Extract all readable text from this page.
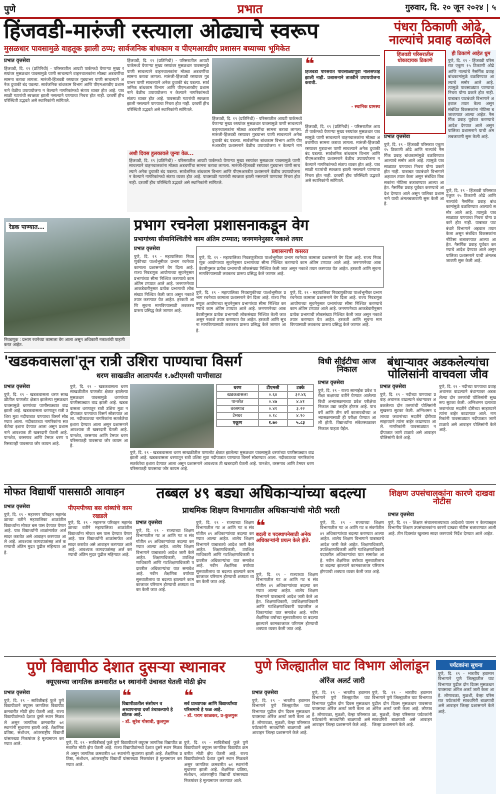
पुणे	प्रभात	गुरुवार, दि. २० जून २०२४ | ५
हिंजवडी-मारुंजी रस्त्याला ओढ्याचे स्वरूप
मुसळधार पावसामुळे वाहतूक झाली ठप्प; सार्वजनिक बांधकाम व पीएमआरडीए प्रशासन बघ्याच्या भूमिकेत
प्रभात वृत्तसेवा
हिंजवडी, दि. १९ (प्रतिनिधी) - परिसरातील आयटी पार्कमध्ये येणाऱ्या मुख्य रस्त्यांवर मुसळधार पावसामुळे पाणी साचल्याने वाहनचालकांना मोठ्या अडचणींचा सामना करावा लागला. मारुंजी-हिंजवडी रस्त्यावर गुडघाभर पाणी साचल्याने अनेक दुचाकी बंद पडल्या. सार्वजनिक बांधकाम विभाग आणि पीएमआरडीए प्रशासनाने वेळीच उपाययोजना न केल्याने नागरिकांमध्ये संताप व्यक्त होत आहे. पावसाळी गटारांची स्वच्छता झाली नसल्याने पाण्याचा निचरा होत नाही. दरवर्षी हीच परिस्थिती उद्भवते असे स्थानिकांनी सांगितले.
हिंजवडी, दि. १९ (प्रतिनिधी) - परिसरातील आयटी पार्कमध्ये येणाऱ्या मुख्य रस्त्यांवर मुसळधार पावसामुळे पाणी साचल्याने वाहनचालकांना मोठ्या अडचणींचा सामना करावा लागला. मारुंजी-हिंजवडी रस्त्यावर गुडघाभर पाणी साचल्याने अनेक दुचाकी बंद पडल्या. सार्वजनिक बांधकाम विभाग आणि पीएमआरडीए प्रशासनाने वेळीच उपाययोजना न केल्याने नागरिकांमध्ये संताप व्यक्त होत आहे. पावसाळी गटारांची स्वच्छता झाली नसल्याने पाण्याचा निचरा होत नाही. दरवर्षी हीच परिस्थिती उद्भवते असे स्थानिकांनी सांगितले.
❝
हिंजवडी परिसरात पावसाळ्यापूर्वी नालेसफाई झाली नाही. प्रशासनाने तातडीने उपाययोजना करावी.
- स्थानिक ग्रामस्थ
हिंजवडी, दि. १९ (प्रतिनिधी) - परिसरातील आयटी पार्कमध्ये येणाऱ्या मुख्य रस्त्यांवर मुसळधार पावसामुळे पाणी साचल्याने वाहनचालकांना मोठ्या अडचणींचा सामना करावा लागला. मारुंजी-हिंजवडी रस्त्यावर गुडघाभर पाणी साचल्याने अनेक दुचाकी बंद पडल्या. सार्वजनिक बांधकाम विभाग आणि पीएमआरडीए प्रशासनाने वेळीच उपाययोजना न केल्याने नाग
हिंजवडी, दि. १९ (प्रतिनिधी) - परिसरातील आयटी पार्कमध्ये येणाऱ्या मुख्य रस्त्यांवर मुसळधार पावसामुळे पाणी साचल्याने वाहनचालकांना मोठ्या अडचणींचा सामना करावा लागला. मारुंजी-हिंजवडी रस्त्यावर गुडघाभर पाणी साचल्याने अनेक दुचाकी बंद पडल्या. सार्वजनिक बांधकाम विभाग आणि पीएमआरडीए प्रशासनाने वेळीच उपाययोजना न केल्याने नागरिकांमध्ये संताप व्यक्त होत आहे. पावसाळी गटारांची स्वच्छता झाली नसल्याने पाण्याचा निचरा होत नाही. दरवर्षी हीच परिस्थिती उद्भवते असे स्थानिकांनी सांगितले.
अशी दिवस हुलकावले जुन्या वेळ...
हिंजवडी, दि. १९ (प्रतिनिधी) - परिसरातील आयटी पार्कमध्ये येणाऱ्या मुख्य रस्त्यांवर मुसळधार पावसामुळे पाणी साचल्याने वाहनचालकांना मोठ्या अडचणींचा सामना करावा लागला. मारुंजी-हिंजवडी रस्त्यावर गुडघाभर पाणी साचल्याने अनेक दुचाकी बंद पडल्या. सार्वजनिक बांधकाम विभाग आणि पीएमआरडीए प्रशासनाने वेळीच उपाययोजना न केल्याने नागरिकांमध्ये संताप व्यक्त होत आहे. पावसाळी गटारांची स्वच्छता झाली नसल्याने पाण्याचा निचरा होत नाही. दरवर्षी हीच परिस्थिती उद्भवते असे स्थानिकांनी सांगितले.
रेडक पाण्यात...
निवडणूक : प्रभाग रचनेच्या कामाला वेग आला असून अधिकारी नकाशांची पाहणी करत आहेत.
पंधरा ठिकाणी ओढे, नाल्यांचे प्रवाह वळविले
हिंजवडी परिसरातील धोकादायक ठिकाणे
ही ठिकाणे आहेत धुम
पुणे, दि. १९ - हिंजवडी परिसरात एकूण १५ ठिकाणी ओढे आणि नाल्यांचे नैसर्गिक प्रवाह बांधकामांमुळे वळविण्यात आल्याचे समोर आले आहे. त्यामुळे पावसाळ्यात पाण्याचा निचरा योग्य प्रकारे होत नाही. याबाबत पाटबंधारे विभागाने अहवाल तयार केला असून संबंधित विकसकांना नोटिसा बजावण्यात आल्या आहेत. नैसर्गिक प्रवाह पूर्ववत करण्याचे आदेश देण्यात आले असून पालिका प्रशासनाने याची अंमलबजावणी सुरू केली आहे.
प्रभात वृत्तसेवा
पुणे, दि. १९ - हिंजवडी परिसरात एकूण १५ ठिकाणी ओढे आणि नाल्यांचे नैसर्गिक प्रवाह बांधकामांमुळे वळविण्यात आल्याचे समोर आले आहे. त्यामुळे पावसाळ्यात पाण्याचा निचरा योग्य प्रकारे होत नाही. याबाबत पाटबंधारे विभागाने अहवाल तयार केला असून संबंधित विकसकांना नोटिसा बजावण्यात आल्या आहेत. नैसर्गिक प्रवाह पूर्ववत करण्याचे आदेश देण्यात आले असून पालिका प्रशासनाने याची अंमलबजावणी सुरू केली आहे.
पुणे, दि. १९ - हिंजवडी परिसरात एकूण १५ ठिकाणी ओढे आणि नाल्यांचे नैसर्गिक प्रवाह बांधकामांमुळे वळविण्यात आल्याचे समोर आले आहे. त्यामुळे पावसाळ्यात पाण्याचा निचरा योग्य प्रकारे होत नाही. याबाबत पाटबंधारे विभागाने अहवाल तयार केला असून संबंधित विकसकांना नोटिसा बजावण्यात आल्या आहेत. नैसर्गिक प्रवाह पूर्ववत करण्याचे आदेश देण्यात आले असून पालिका प्रशासनाने याची अंमलबजावणी सुरू केली आहे.
प्रभाग रचनेला प्रशासनाकडून वेग
प्रभागांच्या सीमानिश्चितीचे काम अंतिम टप्प्यात; जनगणनेनुसार नकाशे तयार
प्रभात वृत्तसेवा
पुणे, दि. १९ - महापालिका निवडणुकीच्या पार्श्वभूमीवर प्रभाग रचनेच्या कामाला प्रशासनाने वेग दिला आहे. राज्य निवडणूक आयोगाच्या सूचनेनुसार प्रभागांच्या सीमा निश्चित करण्याचे काम अंतिम टप्प्यात आले आहे. जनगणनेच्या आकडेवारीनुसार प्रत्येक प्रभागाची लोकसंख्या निश्चित केली जात असून नकाशे तयार करण्यात येत आहेत. हरकती आणि सूचना मागविण्यासाठी लवकरच प्रारूप प्रसिद्ध केले जाणार आहे.
प्रशासनाची कसरत
पुणे, दि. १९ - महापालिका निवडणुकीच्या पार्श्वभूमीवर प्रभाग रचनेच्या कामाला प्रशासनाने वेग दिला आहे. राज्य निवडणूक आयोगाच्या सूचनेनुसार प्रभागांच्या सीमा निश्चित करण्याचे काम अंतिम टप्प्यात आले आहे. जनगणनेच्या आकडेवारीनुसार प्रत्येक प्रभागाची लोकसंख्या निश्चित केली जात असून नकाशे तयार करण्यात येत आहेत. हरकती आणि सूचना मागविण्यासाठी लवकरच प्रारूप प्रसिद्ध केले जाणार आहे.
पुणे, दि. १९ - महापालिका निवडणुकीच्या पार्श्वभूमीवर प्रभाग रचनेच्या कामाला प्रशासनाने वेग दिला आहे. राज्य निवडणूक आयोगाच्या सूचनेनुसार प्रभागांच्या सीमा निश्चित करण्याचे काम अंतिम टप्प्यात आले आहे. जनगणनेच्या आकडेवारीनुसार प्रत्येक प्रभागाची लोकसंख्या निश्चित केली जात असून नकाशे तयार करण्यात येत आहेत. हरकती आणि सूचना मागविण्यासाठी लवकरच प्रारूप प्रसिद्ध केले जाणार आहे.
पुणे, दि. १९ - महापालिका निवडणुकीच्या पार्श्वभूमीवर प्रभाग रचनेच्या कामाला प्रशासनाने वेग दिला आहे. राज्य निवडणूक आयोगाच्या सूचनेनुसार प्रभागांच्या सीमा निश्चित करण्याचे काम अंतिम टप्प्यात आले आहे. जनगणनेच्या आकडेवारीनुसार प्रत्येक प्रभागाची लोकसंख्या निश्चित केली जात असून नकाशे तयार करण्यात येत आहेत. हरकती आणि सूचना मागविण्यासाठी लवकरच प्रारूप प्रसिद्ध केले जाणार आहे.
'खडकवासला'तून रात्री उशिरा पाण्याचा विसर्ग
धरण साखळीत आतापर्यंत १.७टीएमसी पाणीसाठा
प्रभात वृत्तसेवा
पुणे, दि. १९ - खडकवासला धरण साखळीतील पाणलोट क्षेत्रात झालेल्या मुसळधार पावसामुळे धरणांच्या पाणीसाठ्यात वाढ झाली आहे. खडकवासला धरणातून रात्री उशिरा मुठा नदीपात्रात पाण्याचा विसर्ग सोडण्यात आला. नदीकाठच्या नागरिकांना सतर्कतेचा इशारा देण्यात आला असून प्रशासनाने आवश्यक ती खबरदारी घेतली आहे. पानशेत, वरसगाव आणि टेमघर धरण परिसरातही पावसाचा जोर कायम आहे.
पुणे, दि. १९ - खडकवासला धरण साखळीतील पाणलोट क्षेत्रात झालेल्या मुसळधार पावसामुळे धरणांच्या पाणीसाठ्यात वाढ झाली आहे. खडकवासला धरणातून रात्री उशिरा मुठा नदीपात्रात पाण्याचा विसर्ग सोडण्यात आला. नदीकाठच्या नागरिकांना सतर्कतेचा इशारा देण्यात आला असून प्रशासनाने आवश्यक ती खबरदारी घेतली आहे. पानशेत, वरसगाव आणि टेमघर धरण परिसरातही पावसाचा जोर कायम आहे.
धरण	टीएमसी	टक्के
खडकवासला	०.६४	३२.४६
पानशेत	०.४७	४.४१
वरसगाव	०.४१	३.२२
टेमघर	०.१८	४.९०
एकूण	१.७०	५.८३
पुणे, दि. १९ - खडकवासला धरण साखळीतील पाणलोट क्षेत्रात झालेल्या मुसळधार पावसामुळे धरणांच्या पाणीसाठ्यात वाढ झाली आहे. खडकवासला धरणातून रात्री उशिरा मुठा नदीपात्रात पाण्याचा विसर्ग सोडण्यात आला. नदीकाठच्या नागरिकांना सतर्कतेचा इशारा देण्यात आला असून प्रशासनाने आवश्यक ती खबरदारी घेतली आहे. पानशेत, वरसगाव आणि टेमघर धरण परिसरातही पावसाचा जोर कायम आहे.
विधी सीईटीचा आज निकाल
प्रभात वृत्तसेवा
पुणे, दि. १९ - राज्य सामाईक प्रवेश परीक्षा कक्षाच्या वतीने घेण्यात आलेल्या विधी अभ्यासक्रमाच्या प्रवेश परीक्षेचा निकाल उद्या जाहीर होणार आहे. पाच वर्षे आणि तीन वर्षे कालावधीच्या अभ्यासक्रमासाठी ही परीक्षा घेण्यात आली होती. विद्यार्थ्यांना संकेतस्थळावर निकाल पाहता येईल.
बंधाऱ्यावर अडकलेल्यांचा पोलिसांनी वाचवला जीव
प्रभात वृत्तसेवा
पुणे, दि. १९ - नदीच्या पाण्याचा प्रवाह अचानक वाढल्याने बंधाऱ्यावर अडकलेल्या दोन तरुणांची पोलिसांनी सुखरूप सुटका केली. अग्निशमन दलाच्या जवानांच्या मदतीने दोरीच्या साहाय्याने त्यांना बाहेर काढण्यात आले. नागरिकांनी पावसाळ्यात नदीपात्रात जाणे टाळावे असे आवाहन पोलिसांनी केले आहे.
पुणे, दि. १९ - नदीच्या पाण्याचा प्रवाह अचानक वाढल्याने बंधाऱ्यावर अडकलेल्या दोन तरुणांची पोलिसांनी सुखरूप सुटका केली. अग्निशमन दलाच्या जवानांच्या मदतीने दोरीच्या साहाय्याने त्यांना बाहेर काढण्यात आले. नागरिकांनी पावसाळ्यात नदीपात्रात जाणे टाळावे असे आवाहन पोलिसांनी केले आहे.
मोफत विद्यार्थी पाससाठी आवाहन
प्रभात वृत्तसेवा
पुणे, दि. १९ - महानगर परिवहन महामंडळाच्या वतीने महापालिका शाळांतील विद्यार्थ्यांना मोफत बस पास देण्यात येणार आहे. पात्र विद्यार्थ्यांनी शाळांमार्फत अर्ज सादर करावेत असे आवाहन करण्यात आले आहे. आवश्यक कागदपत्रांसह अर्ज करण्याची अंतिम मुदत पुढील महिन्यात आहे.
पीएमपीच्या बस थांब्यांचे काम रखडले
पुणे, दि. १९ - महानगर परिवहन महामंडळाच्या वतीने महापालिका शाळांतील विद्यार्थ्यांना मोफत बस पास देण्यात येणार आहे. पात्र विद्यार्थ्यांनी शाळांमार्फत अर्ज सादर करावेत असे आवाहन करण्यात आले आहे. आवश्यक कागदपत्रांसह अर्ज करण्याची अंतिम मुदत पुढील महिन्यात आहे.
तब्बल ४९ बड्या अधिकाऱ्यांच्या बदल्या
प्राथमिक शिक्षण विभागातील अधिकाऱ्यांची मोठी भरती
प्रभात वृत्तसेवा
पुणे, दि. १९ - राज्याच्या शिक्षण विभागातील गट अ आणि गट ब संवर्गातील ४९ अधिकाऱ्यांच्या बदल्या करण्यात आल्या आहेत. शालेय शिक्षण विभागाने याबाबतचे आदेश जारी केले आहेत. शिक्षणाधिकारी, उपशिक्षणाधिकारी आणि गटशिक्षणाधिकारी पदावरील अधिकाऱ्यांचा यात समावेश आहे. नवीन शैक्षणिक वर्षाच्या सुरुवातीलाच या बदल्या झाल्याने कामकाजावर परिणाम होण्याची शक्यता व्यक्त केली जात आहे.
पुणे, दि. १९ - राज्याच्या शिक्षण विभागातील गट अ आणि गट ब संवर्गातील ४९ अधिकाऱ्यांच्या बदल्या करण्यात आल्या आहेत. शालेय शिक्षण विभागाने याबाबतचे आदेश जारी केले आहेत. शिक्षणाधिकारी, उपशिक्षणाधिकारी आणि गटशिक्षणाधिकारी पदावरील अधिकाऱ्यांचा यात समावेश आहे. नवीन शैक्षणिक वर्षाच्या सुरुवातीलाच या बदल्या झाल्याने कामकाजावर परिणाम होण्याची शक्यता व्यक्त केली जात आहे.
❝
बदली व पदस्थापनेसाठी अनेक अधिकाऱ्यांनी प्रयत्न केले होते.
पुणे, दि. १९ - राज्याच्या शिक्षण विभागातील गट अ आणि गट ब संवर्गातील ४९ अधिकाऱ्यांच्या बदल्या करण्यात आल्या आहेत. शालेय शिक्षण विभागाने याबाबतचे आदेश जारी केले आहेत. शिक्षणाधिकारी, उपशिक्षणाधिकारी आणि गटशिक्षणाधिकारी पदावरील अधिकाऱ्यांचा यात समावेश आहे. नवीन शैक्षणिक वर्षाच्या सुरुवातीलाच या बदल्या झाल्याने कामकाजावर परिणाम होण्याची शक्यता व्यक्त केली जात आहे.
पुणे, दि. १९ - राज्याच्या शिक्षण विभागातील गट अ आणि गट ब संवर्गातील ४९ अधिकाऱ्यांच्या बदल्या करण्यात आल्या आहेत. शालेय शिक्षण विभागाने याबाबतचे आदेश जारी केले आहेत. शिक्षणाधिकारी, उपशिक्षणाधिकारी आणि गटशिक्षणाधिकारी पदावरील अधिकाऱ्यांचा यात समावेश आहे. नवीन शैक्षणिक वर्षाच्या सुरुवातीलाच या बदल्या झाल्याने कामकाजावर परिणाम होण्याची शक्यता व्यक्त केली जात आहे.
शिक्षण उपसंचालकांना कारणे दाखवा नोटीस
प्रभात वृत्तसेवा
पुणे, दि. १९ - शिक्षण संचालनालयाच्या आदेशाचे पालन न केल्याबद्दल विभागीय शिक्षण उपसंचालकांना कारणे दाखवा नोटीस बजावण्यात आली आहे. तीन दिवसांत खुलासा सादर करण्याचे निर्देश देण्यात आले आहेत.
पुणे विद्यापीठ देशात दुसऱ्या स्थानावर
क्यूएसच्या जागतिक क्रमवारीत ७१ स्थानांनी उंचावत घेतली मोठी झेप
प्रभात वृत्तसेवा
पुणे, दि. १९ - सावित्रीबाई फुले पुणे विद्यापीठाने क्यूएस जागतिक विद्यापीठ क्रमवारीत मोठी झेप घेतली आहे. राज्य विद्यापीठांमध्ये देशात दुसरे स्थान मिळवले असून जागतिक क्रमवारीत ७१ स्थानांनी सुधारणा झाली आहे. शैक्षणिक प्रतिष्ठा, संशोधन, आंतरराष्ट्रीय विद्यार्थी यांसारख्या निकषांवर हे मूल्यमापन करण्यात आले.
❝
विद्यापीठातील संशोधन व अध्यापनाचा दर्जा उंचावल्याचे हे द्योतक आहे.
- डॉ. सुरेश गोसावी, कुलगुरू
पुणे, दि. १९ - सावित्रीबाई फुले पुणे विद्यापीठाने क्यूएस जागतिक विद्यापीठ क्रमवारीत मोठी झेप घेतली आहे. राज्य विद्यापीठांमध्ये देशात दुसरे स्थान मिळवले असून जागतिक क्रमवारीत ७१ स्थानांनी सुधारणा झाली आहे. शैक्षणिक प्रतिष्ठा, संशोधन, आंतरराष्ट्रीय विद्यार्थी यांसारख्या निकषांवर हे मूल्यमापन करण्यात आले.
❝
सर्व प्राध्यापक आणि विद्यार्थ्यांच्या परिश्रमाचे हे फळ आहे.
- डॉ. पराग काळकर, प्र-कुलगुरू
पुणे, दि. १९ - सावित्रीबाई फुले पुणे विद्यापीठाने क्यूएस जागतिक विद्यापीठ क्रमवारीत मोठी झेप घेतली आहे. राज्य विद्यापीठांमध्ये देशात दुसरे स्थान मिळवले असून जागतिक क्रमवारीत ७१ स्थानांनी सुधारणा झाली आहे. शैक्षणिक प्रतिष्ठा, संशोधन, आंतरराष्ट्रीय विद्यार्थी यांसारख्या निकषांवर हे मूल्यमापन करण्यात आले.
पुणे जिल्ह्यातील घाट विभाग ओलांडून
ऑरेंज अलर्ट जारी
प्रभात वृत्तसेवा
पुणे, दि. १९ - भारतीय हवामान विभागाने पुणे जिल्ह्यातील घाट विभागात पुढील दोन दिवस मुसळधार पावसाचा ऑरेंज अलर्ट जारी केला आहे. लोणावळा, मुळशी, वेल्हा परिसरात पर्यटकांनी सावधगिरी बाळगावी असे आवाहन जिल्हा प्रशासनाने केले आहे.
पुणे, दि. १९ - भारतीय हवामान विभागाने पुणे जिल्ह्यातील घाट विभागात पुढील दोन दिवस मुसळधार पावसाचा ऑरेंज अलर्ट जारी केला आहे. लोणावळा, मुळशी, वेल्हा परिसरात पर्यटकांनी सावधगिरी बाळगावी असे आवाहन जिल्हा प्रशासनाने केले आहे.
पुणे, दि. १९ - भारतीय हवामान विभागाने पुणे जिल्ह्यातील घाट विभागात पुढील दोन दिवस मुसळधार पावसाचा ऑरेंज अलर्ट जारी केला आहे. लोणावळा, मुळशी, वेल्हा परिसरात पर्यटकांनी सावधगिरी बाळगावी असे आवाहन जिल्हा प्रशासनाने केले आहे.
पर्यटकांना सूचना
पुणे, दि. १९ - भारतीय हवामान विभागाने पुणे जिल्ह्यातील घाट विभागात पुढील दोन दिवस मुसळधार पावसाचा ऑरेंज अलर्ट जारी केला आहे. लोणावळा, मुळशी, वेल्हा परिसरात पर्यटकांनी सावधगिरी बाळगावी असे आवाहन जिल्हा प्रशासनाने केले आहे.
